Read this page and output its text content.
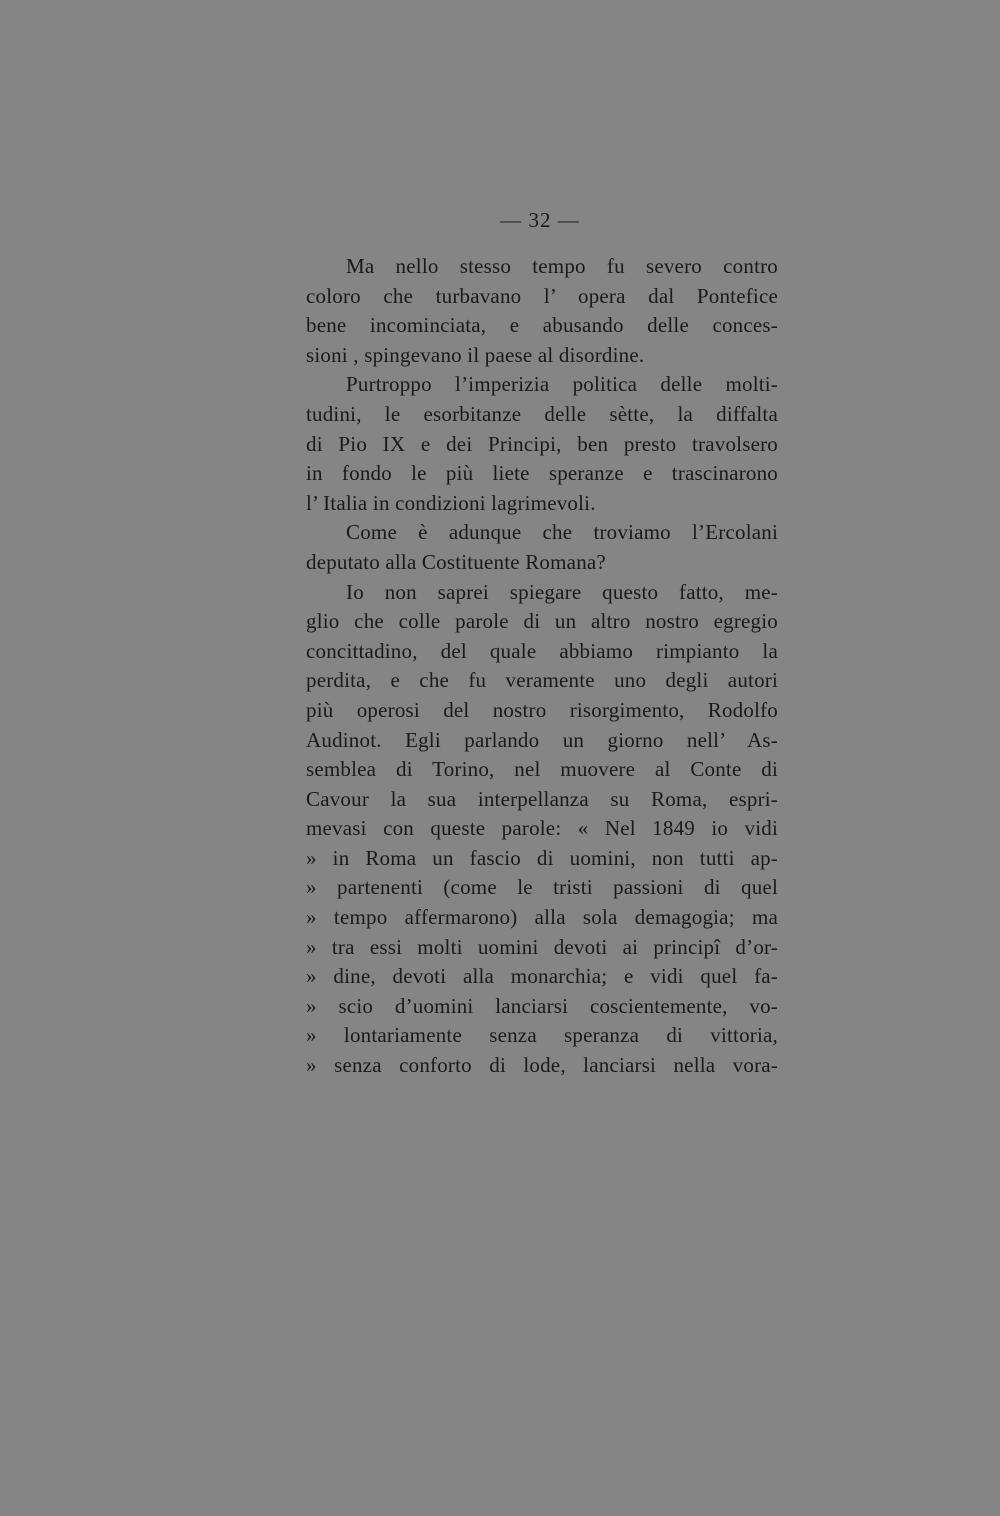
— 32 —
Ma nello stesso tempo fu severo contro
coloro che turbavano l’ opera dal Pontefice
bene incominciata, e abusando delle conces-
sioni , spingevano il paese al disordine.
Purtroppo l’imperizia politica delle molti-
tudini, le esorbitanze delle sètte, la diffalta
di Pio IX e dei Principi, ben presto travolsero
in fondo le più liete speranze e trascinarono
l’ Italia in condizioni lagrimevoli.
Come è adunque che troviamo l’Ercolani
deputato alla Costituente Romana?
Io non saprei spiegare questo fatto, me-
glio che colle parole di un altro nostro egregio
concittadino, del quale abbiamo rimpianto la
perdita, e che fu veramente uno degli autori
più operosi del nostro risorgimento, Rodolfo
Audinot. Egli parlando un giorno nell’ As-
semblea di Torino, nel muovere al Conte di
Cavour la sua interpellanza su Roma, espri-
mevasi con queste parole: « Nel 1849 io vidi
» in Roma un fascio di uomini, non tutti ap-
» partenenti (come le tristi passioni di quel
» tempo affermarono) alla sola demagogia; ma
» tra essi molti uomini devoti ai principî d’or-
» dine, devoti alla monarchia; e vidi quel fa-
» scio d’uomini lanciarsi coscientemente, vo-
» lontariamente senza speranza di vittoria,
» senza conforto di lode, lanciarsi nella vora-
